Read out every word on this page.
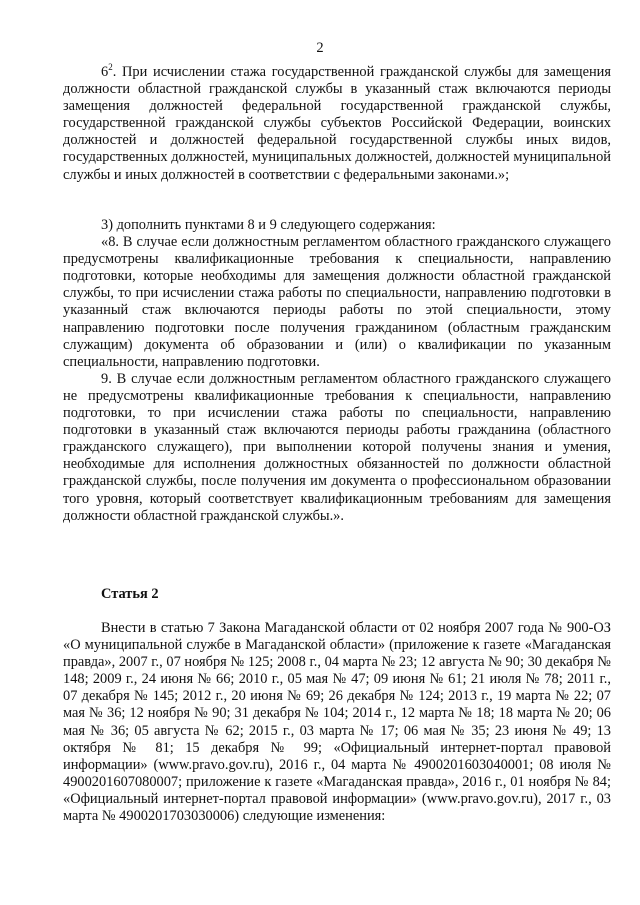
2

$6^2$. При исчислении стажа государственной гражданской службы для замещения должности областной гражданской службы в указанный стаж включаются периоды замещения должностей федеральной государственной гражданской службы, государственной гражданской службы субъектов Российской Федерации, воинских должностей и должностей федеральной государственной службы иных видов, государственных должностей, муниципальных должностей, должностей муниципальной службы и иных должностей в соответствии с федеральными законами.»;

3) дополнить пунктами 8 и 9 следующего содержания:

«8. В случае если должностным регламентом областного гражданского служащего предусмотрены квалификационные требования к специальности, направлению подготовки, которые необходимы для замещения должности областной гражданской службы, то при исчислении стажа работы по специальности, направлению подготовки в указанный стаж включаются периоды работы по этой специальности, этому направлению подготовки после получения гражданином (областным гражданским служащим) документа об образовании и (или) о квалификации по указанным специальности, направлению подготовки.

9. В случае если должностным регламентом областного гражданского служащего не предусмотрены квалификационные требования к специальности, направлению подготовки, то при исчислении стажа работы по специальности, направлению подготовки в указанный стаж включаются периоды работы гражданина (областного гражданского служащего), при выполнении которой получены знания и умения, необходимые для исполнения должностных обязанностей по должности областной гражданской службы, после получения им документа о профессиональном образовании того уровня, который соответствует квалификационным требованиям для замещения должности областной гражданской службы.».

Статья 2

Внести в статью 7 Закона Магаданской области от 02 ноября 2007 года № 900-ОЗ «О муниципальной службе в Магаданской области» (приложение к газете «Магаданская правда», 2007 г., 07 ноября № 125; 2008 г., 04 марта № 23; 12 августа № 90; 30 декабря № 148; 2009 г., 24 июня № 66; 2010 г., 05 мая № 47; 09 июня № 61; 21 июля № 78; 2011 г., 07 декабря № 145; 2012 г., 20 июня № 69; 26 декабря № 124; 2013 г., 19 марта № 22; 07 мая № 36; 12 ноября № 90; 31 декабря № 104; 2014 г., 12 марта № 18; 18 марта № 20; 06 мая № 36; 05 августа № 62; 2015 г., 03 марта № 17; 06 мая № 35; 23 июня № 49; 13 октября № 81; 15 декабря № 99; «Официальный интернет-портал правовой информации» (www.pravo.gov.ru), 2016 г., 04 марта № 4900201603040001; 08 июля № 4900201607080007; приложение к газете «Магаданская правда», 2016 г., 01 ноября № 84; «Официальный интернет-портал правовой информации» (www.pravo.gov.ru), 2017 г., 03 марта № 4900201703030006) следующие изменения:
